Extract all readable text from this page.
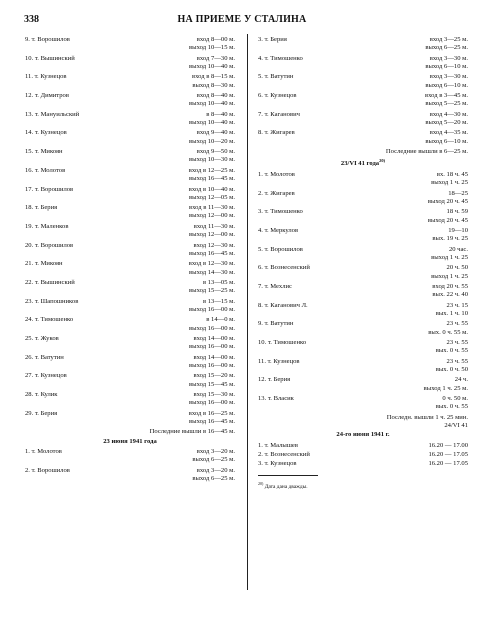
338	НА ПРИЕМЕ У СТАЛИНА
9. т. Ворошилов	вход 8—00 м.
выход 10—15 м.
10. т. Вышинский	вход 7—30 м.
выход 10—40 м.
11. т. Кузнецов	вход в 8—15 м.
выход 8—30 м.
12. т. Димитров	вход 8—40 м.
выход 10—40 м.
13. т. Мануильский	в 8—40 м.
выход 10—40 м.
14. т. Кузнецов	вход 9—40 м.
выход 10—20 м.
15. т. Микоян	вход 9—50 м.
выход 10—30 м.
16. т. Молотов	вход в 12—25 м.
выход 16—45 м.
17. т. Ворошилов	вход в 10—40 м.
выход 12—05 м.
18. т. Берия	вход в 11—30 м.
выход 12—00 м.
19. т. Маленков	вход 11—30 м.
выход 12—00 м.
20. т. Ворошилов	вход 12—30 м.
выход 16—45 м.
21. т. Микоян	вход в 12—30 м.
выход 14—30 м.
22. т. Вышинский	в 13—05 м.
выход 15—25 м.
23. т. Шапошников	в 13—15 м.
выход 16—00 м.
24. т. Тимошенко	в 14—0 м.
выход 16—00 м.
25. т. Жуков	вход 14—00 м.
выход 16—00 м.
26. т. Ватутин	вход 14—00 м.
выход 16—00 м.
27. т. Кузнецов	вход 15—20 м.
выход 15—45 м.
28. т. Кулик	вход 15—30 м.
выход 16—00 м.
29. т. Берия	вход в 16—25 м.
выход 16—45 м.
Последние вышли в 16—45 м.
23 июня 1941 года
1. т. Молотов	вход 3—20 м.
выход 6—25 м.
2. т. Ворошилов	вход 3—20 м.
выход 6—25 м.
3. т. Берия	вход 3—25 м.
выход 6—25 м.
4. т. Тимошенко	вход 3—30 м.
выход 6—10 м.
5. т. Ватутин	вход 3—30 м.
выход 6—10 м.
6. т. Кузнецов	вход в 3—45 м.
выход 5—25 м.
7. т. Каганович	вход 4—30 м.
выход 5—20 м.
8. т. Жигарев	вход 4—35 м.
выход 6—10 м.
Последние вышли в 6—25 м.
23/VI 41 года$^{20)}$
1. т. Молотов	вх. 18 ч. 45
выход 1 ч. 25
2. т. Жигарев	18—25
выход 20 ч. 45
3. т. Тимошенко	18 ч. 59
выход 20 ч. 45
4. т. Меркулов	19—10
вых. 19 ч. 25
5. т. Ворошилов	20 час.
выход 1 ч. 25
6. т. Вознесенский	20 ч. 50
выход 1 ч. 25
7. т. Мехлис	вход 20 ч. 55
вых. 22 ч. 40
8. т. Каганович Л.	23 ч. 15
вых. 1 ч. 10
9. т. Ватутин	23 ч. 55
вых. 0 ч. 55 м.
10. т. Тимошенко	23 ч. 55
вых. 0 ч. 55
11. т. Кузнецов	23 ч. 55
вых. 0 ч. 50
12. т. Берия	24 ч.
выход 1 ч. 25 м.
13. т. Власик	0 ч. 50 м.
вых. 0 ч. 55
Последн. вышли 1 ч. 25 мин.
24/VI 41
24-го июня 1941 г.
1. т. Малышев	16.20 — 17.00
2. т. Вознесенский	16.20 — 17.05
3. т. Кузнецов	16.20 — 17.05
$^{20)}$ Дата дана дважды.
